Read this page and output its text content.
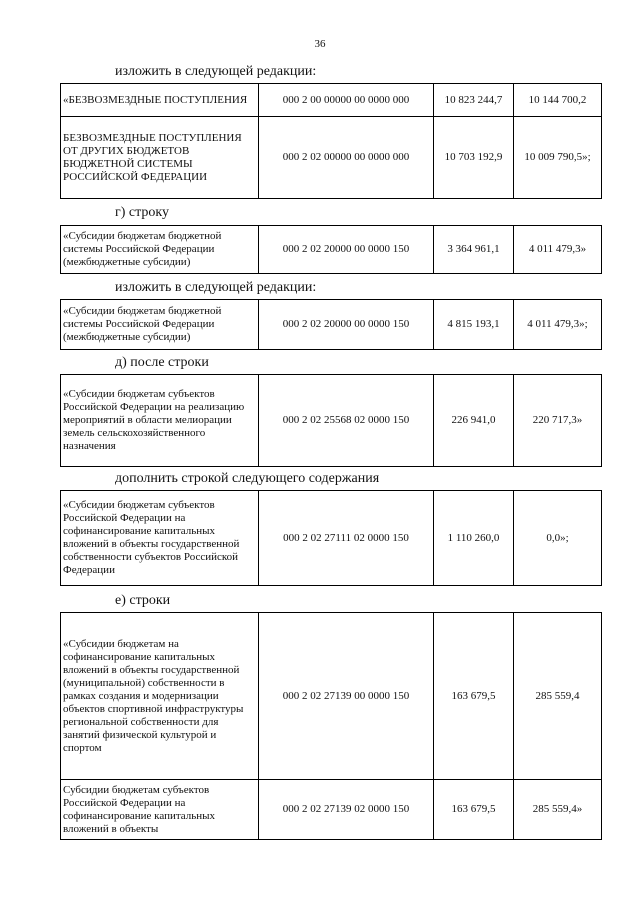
36
изложить в следующей редакции:
«БЕЗВОЗМЕЗДНЫЕ ПОСТУПЛЕНИЯ	000 2 00 00000 00 0000 000	10 823 244,7	10 144 700,2
БЕЗВОЗМЕЗДНЫЕ ПОСТУПЛЕНИЯ ОТ ДРУГИХ БЮДЖЕТОВ БЮДЖЕТНОЙ СИСТЕМЫ РОССИЙСКОЙ ФЕДЕРАЦИИ	000 2 02 00000 00 0000 000	10 703 192,9	10 009 790,5»;
г) строку
«Субсидии бюджетам бюджетной системы Российской Федерации (межбюджетные субсидии)	000 2 02 20000 00 0000 150	3 364 961,1	4 011 479,3»
изложить в следующей редакции:
«Субсидии бюджетам бюджетной системы Российской Федерации (межбюджетные субсидии)	000 2 02 20000 00 0000 150	4 815 193,1	4 011 479,3»;
д) после строки
«Субсидии бюджетам субъектов Российской Федерации на реализацию мероприятий в области мелиорации земель сельскохозяйственного назначения	000 2 02 25568 02 0000 150	226 941,0	220 717,3»
дополнить строкой следующего содержания
«Субсидии бюджетам субъектов Российской Федерации на софинансирование капитальных вложений в объекты государственной собственности субъектов Российской Федерации	000 2 02 27111 02 0000 150	1 110 260,0	0,0»;
е) строки
«Субсидии бюджетам на софинансирование капитальных вложений в объекты государственной (муниципальной) собственности в рамках создания и модернизации объектов спортивной инфраструктуры региональной собственности для занятий физической культурой и спортом	000 2 02 27139 00 0000 150	163 679,5	285 559,4
Субсидии бюджетам субъектов Российской Федерации на софинансирование капитальных вложений в объекты	000 2 02 27139 02 0000 150	163 679,5	285 559,4»
